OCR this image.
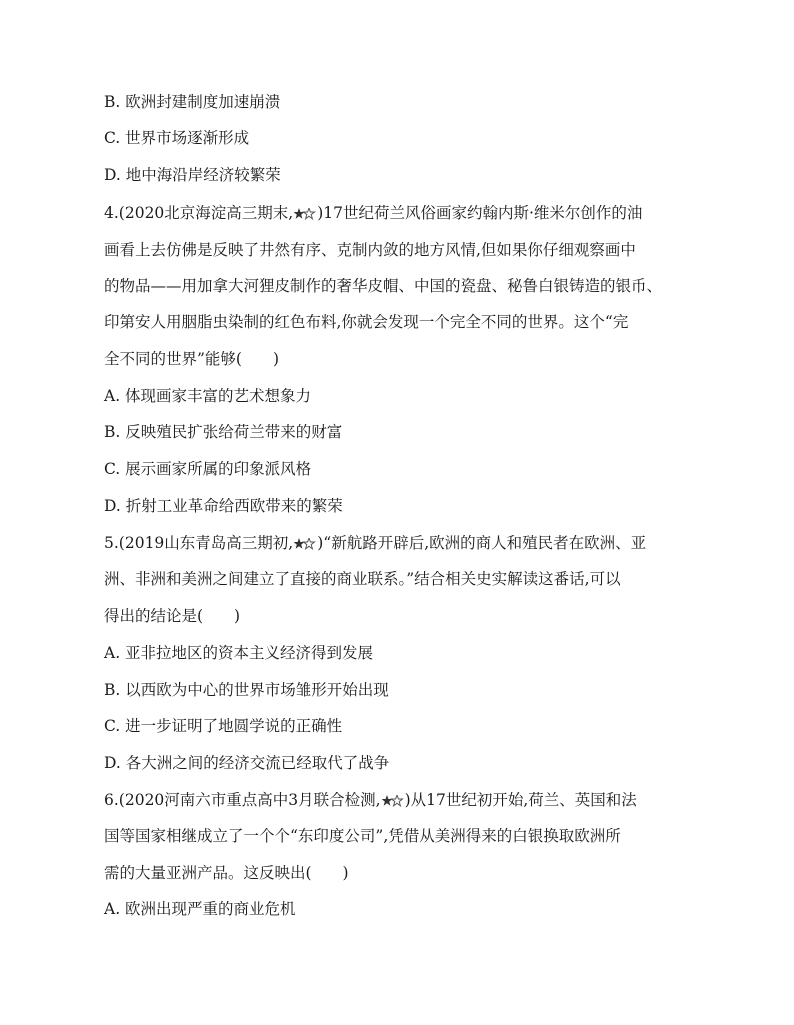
B. 欧洲封建制度加速崩溃
C. 世界市场逐渐形成
D. 地中海沿岸经济较繁荣
4.(2020北京海淀高三期末, )17世纪荷兰风俗画家约翰内斯·维米尔创作的油
画看上去仿佛是反映了井然有序、克制内敛的地方风情,但如果你仔细观察画中
的物品——用加拿大河狸皮制作的奢华皮帽、中国的瓷盘、秘鲁白银铸造的银币、
印第安人用胭脂虫染制的红色布料,你就会发现一个完全不同的世界。这个“完
全不同的世界”能够(　　)
A. 体现画家丰富的艺术想象力
B. 反映殖民扩张给荷兰带来的财富
C. 展示画家所属的印象派风格
D. 折射工业革命给西欧带来的繁荣
5.(2019山东青岛高三期初, )“新航路开辟后,欧洲的商人和殖民者在欧洲、亚
洲、非洲和美洲之间建立了直接的商业联系。”结合相关史实解读这番话,可以
得出的结论是(　　)
A. 亚非拉地区的资本主义经济得到发展
B. 以西欧为中心的世界市场雏形开始出现
C. 进一步证明了地圆学说的正确性
D. 各大洲之间的经济交流已经取代了战争
6.(2020河南六市重点高中3月联合检测, )从17世纪初开始,荷兰、英国和法
国等国家相继成立了一个个“东印度公司”,凭借从美洲得来的白银换取欧洲所
需的大量亚洲产品。这反映出(　　)
A. 欧洲出现严重的商业危机
